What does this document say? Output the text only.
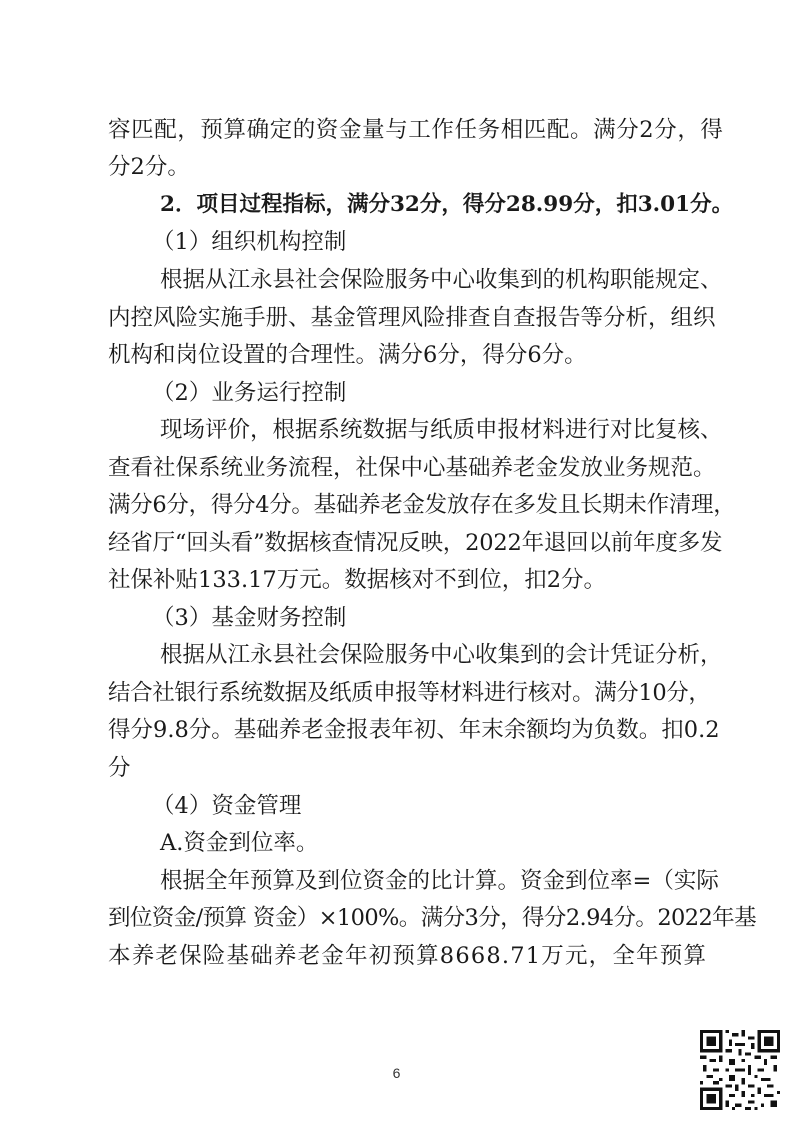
容匹配，预算确定的资金量与工作任务相匹配。满分2分，得
分2分。
2．项目过程指标，满分32分，得分28.99分，扣3.01分。
（1）组织机构控制
根据从江永县社会保险服务中心收集到的机构职能规定、
内控风险实施手册、基金管理风险排查自查报告等分析，组织
机构和岗位设置的合理性。满分6分，得分6分。
（2）业务运行控制
现场评价，根据系统数据与纸质申报材料进行对比复核、
查看社保系统业务流程，社保中心基础养老金发放业务规范。
满分6分，得分4分。基础养老金发放存在多发且长期未作清理，
经省厅“回头看”数据核查情况反映，2022年退回以前年度多发
社保补贴133.17万元。数据核对不到位，扣2分。
（3）基金财务控制
根据从江永县社会保险服务中心收集到的会计凭证分析，
结合社银行系统数据及纸质申报等材料进行核对。满分10分，
得分9.8分。基础养老金报表年初、年末余额均为负数。扣0.2
分
（4）资金管理
A.资金到位率。
根据全年预算及到位资金的比计算。资金到位率=（实际
到位资金/预算 资金）×100%。满分3分，得分2.94分。2022年基
本养老保险基础养老金年初预算8668.71万元，全年预算
6
